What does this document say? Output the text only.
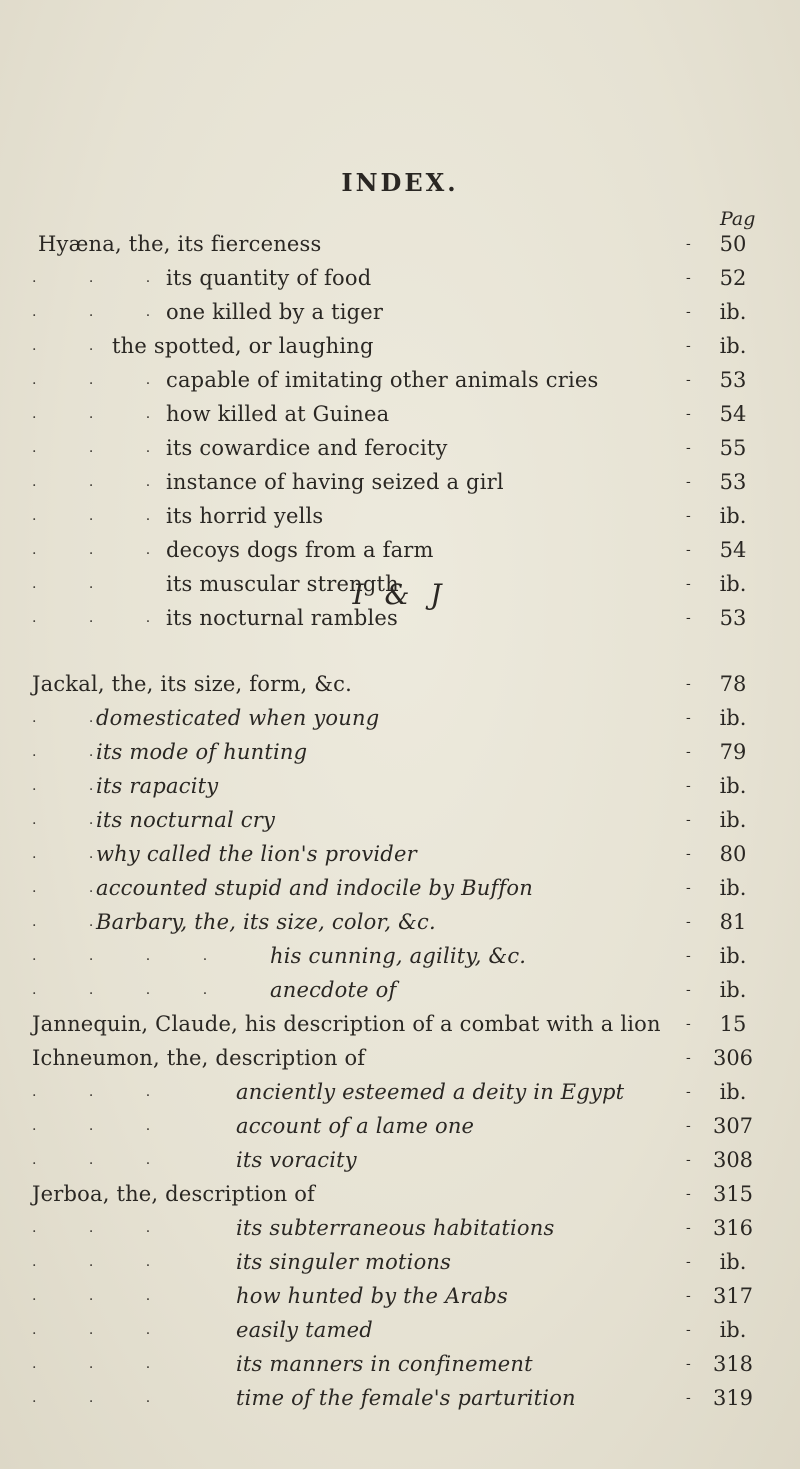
INDEX.
Pag
I & J
Hyæna, the, its fierceness	-	50
. . .
its quantity of food	-	52
. . .
one killed by a tiger	-	ib.
. .
the spotted, or laughing	-	ib.
. . .
capable of imitating other animals cries	-	53
. . .
how killed at Guinea	-	54
. . .
its cowardice and ferocity	-	55
. . .
instance of having seized a girl	-	53
. . .
its horrid yells	-	ib.
. . .
decoys dogs from a farm	-	54
. . its muscular strength	-	ib.
. . .
its nocturnal rambles	-	53
Jackal, the, its size, form, &c.	-	78
. .
domesticated when young	-	ib.
. .
its mode of hunting	-	79
. .
its rapacity	-	ib.
. .
its nocturnal cry	-	ib.
. .
why called the lion's provider	-	80
. .
accounted stupid and indocile by Buffon	-	ib.
. .
Barbary, the, its size, color, &c.	-	81
. . . . his cunning, agility, &c.	-	ib.
. . . . anecdote of	-	ib.
Jannequin, Claude, his description of a combat with a lion -	15
Ichneumon, the, description of	-	306
. . .	anciently esteemed a deity in Egypt	-	ib.
. . .	account of a lame one	-	307
. . .	its voracity	-	308
Jerboa, the, description of	-	315
. . .	its subterraneous habitations	-	316
. . .	its singuler motions	-	ib.
. . .	how hunted by the Arabs	-	317
. . .	easily tamed	-	ib.
. . .	its manners in confinement	-	318
. . .	time of the female's parturition	-	319
